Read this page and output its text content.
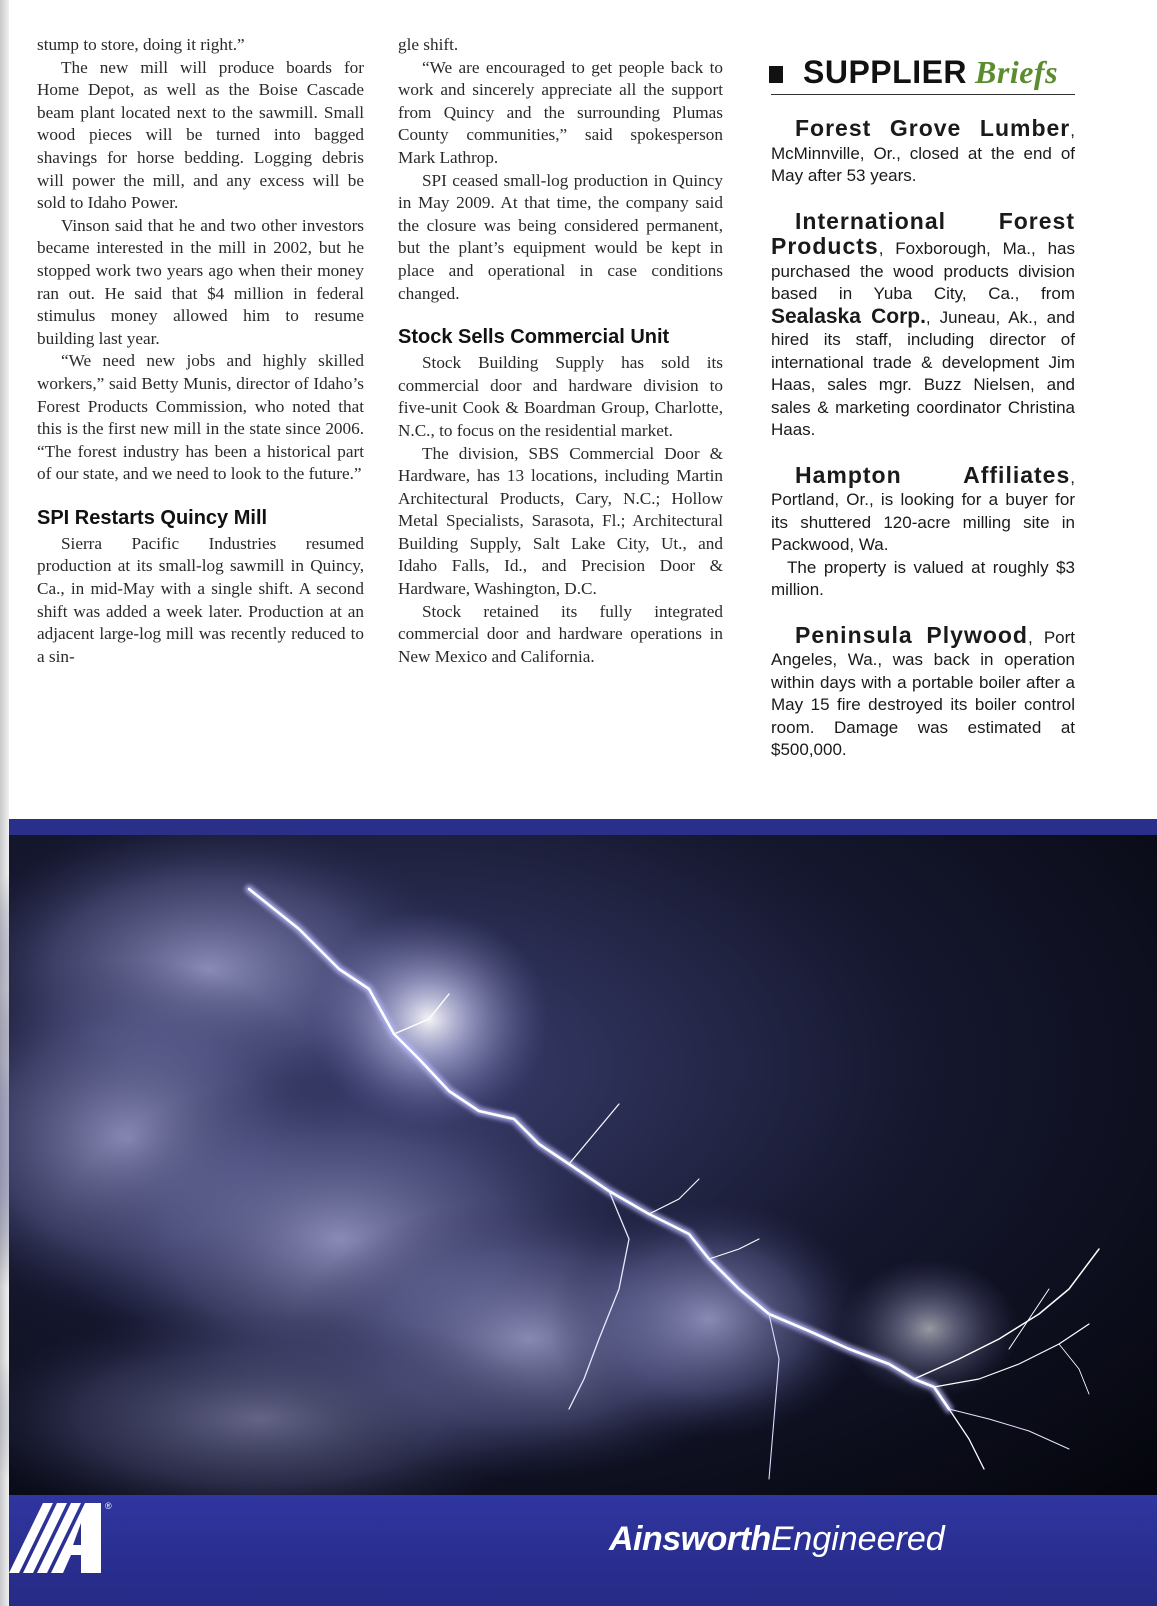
stump to store, doing it right.”

The new mill will produce boards for Home Depot, as well as the Boise Cascade beam plant located next to the sawmill. Small wood pieces will be turned into bagged shavings for horse bedding. Logging debris will power the mill, and any excess will be sold to Idaho Power.

Vinson said that he and two other investors became interested in the mill in 2002, but he stopped work two years ago when their money ran out. He said that $4 million in federal stimulus money allowed him to resume building last year.

“We need new jobs and highly skilled workers,” said Betty Munis, director of Idaho’s Forest Products Commission, who noted that this is the first new mill in the state since 2006. “The forest industry has been a historical part of our state, and we need to look to the future.”

SPI Restarts Quincy Mill

Sierra Pacific Industries resumed production at its small-log sawmill in Quincy, Ca., in mid-May with a single shift. A second shift was added a week later. Production at an adjacent large-log mill was recently reduced to a sin-

gle shift.

“We are encouraged to get people back to work and sincerely appreciate all the support from Quincy and the surrounding Plumas County communities,” said spokesperson Mark Lathrop.

SPI ceased small-log production in Quincy in May 2009. At that time, the company said the closure was being considered permanent, but the plant’s equipment would be kept in place and operational in case conditions changed.

Stock Sells Commercial Unit

Stock Building Supply has sold its commercial door and hardware division to five-unit Cook & Boardman Group, Charlotte, N.C., to focus on the residential market.

The division, SBS Commercial Door & Hardware, has 13 locations, including Martin Architectural Products, Cary, N.C.; Hollow Metal Specialists, Sarasota, Fl.; Architectural Building Supply, Salt Lake City, Ut., and Idaho Falls, Id., and Precision Door & Hardware, Washington, D.C.

Stock retained its fully integrated commercial door and hardware operations in New Mexico and California.

SUPPLIER Briefs

Forest Grove Lumber, McMinnville, Or., closed at the end of May after 53 years.

International Forest Products, Foxborough, Ma., has purchased the wood products division based in Yuba City, Ca., from Sealaska Corp., Juneau, Ak., and hired its staff, including director of international trade & development Jim Haas, sales mgr. Buzz Nielsen, and sales & marketing coordinator Christina Haas.

Hampton Affiliates, Portland, Or., is looking for a buyer for its shuttered 120-acre milling site in Packwood, Wa.

The property is valued at roughly $3 million.

Peninsula Plywood, Port Angeles, Wa., was back in operation within days with a portable boiler after a May 15 fire destroyed its boiler control room. Damage was estimated at $500,000.

AinsworthEngineered
®
